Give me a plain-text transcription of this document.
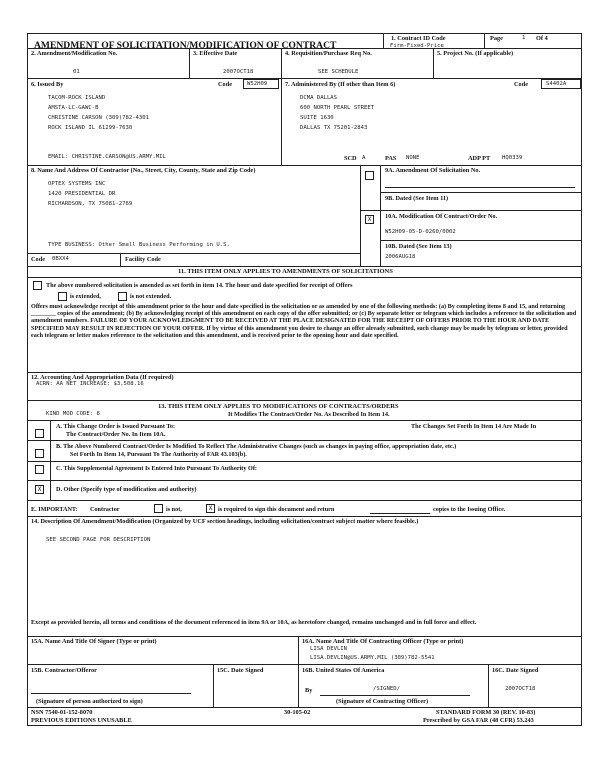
AMENDMENT OF SOLICITATION/MODIFICATION OF CONTRACT
1. Contract ID Code
Firm-Fixed-Price
Page	1 Of 4
2. Amendment/Modification No.
01
3. Effective Date
2007OCT18
4. Requisition/Purchase Req No.
SEE SCHEDULE
5. Project No. (If applicable)
6. Issued By	Code	W52H09
TACOM-ROCK ISLAND
AMSTA-LC-GAWC-B
CHRISTINE CARSON (309)782-4301
ROCK ISLAND IL 61299-7630
EMAIL: CHRISTINE.CARSON@US.ARMY.MIL
7. Administered By (If other than Item 6)	Code	S4402A
DCMA DALLAS
600 NORTH PEARL STREET
SUITE 1630
DALLAS TX 75201-2843
SCD A	PAS NONE	ADP PT HQ0339
8. Name And Address Of Contractor (No., Street, City, County, State and Zip Code)
OPTEX SYSTEMS INC
1420 PRESIDENTIAL DR
RICHARDSON, TX 75081-2769
TYPE BUSINESS: Other Small Business Performing in U.S.
Code 0BXX4	Facility Code
9A. Amendment Of Solicitation No.
9B. Dated (See Item 11)
X	10A. Modification Of Contract/Order No.
W52H09-05-D-0260/0002
10B. Dated (See Item 13)
2006AUG18
11. THIS ITEM ONLY APPLIES TO AMENDMENTS OF SOLICITATIONS
The above numbered solicitation is amended as set forth in item 14. The hour and date specified for receipt of Offers
is extended,	is not extended.
Offers must acknowledge receipt of this amendment prior to the hour and date specified in the solicitation or as amended by one of the following methods: (a) By completing items 8 and 15, and returning ________ copies of the amendment; (b) By acknowledging receipt of this amendment on each copy of the offer submitted; or (c) By separate letter or telegram which includes a reference to the solicitation and amendment numbers. FAILURE OF YOUR ACKNOWLEDGMENT TO BE RECEIVED AT THE PLACE DESIGNATED FOR THE RECEIPT OF OFFERS PRIOR TO THE HOUR AND DATE SPECIFIED MAY RESULT IN REJECTION OF YOUR OFFER. If by virtue of this amendment you desire to change an offer already submitted, such change may be made by telegram or letter, provided each telegram or letter makes reference to the solicitation and this amendment, and is received prior to the opening hour and date specified.
12. Accounting And Appropriation Data (If required)
ACRN: AA NET INCREASE: $3,508.16
13. THIS ITEM ONLY APPLIES TO MODIFICATIONS OF CONTRACTS/ORDERS
KIND MOD CODE: 8	It Modifies The Contract/Order No. As Described In Item 14.
A. This Change Order is Issued Pursuant To:	The Changes Set Forth In Item 14 Are Made In
The Contract/Order No. In Item 10A.
B. The Above Numbered Contract/Order Is Modified To Reflect The Administrative Changes (such as changes in paying office, appropriation date, etc.)
Set Forth In Item 14, Pursuant To The Authority of FAR 43.103(b).
C. This Supplemental Agreement Is Entered Into Pursuant To Authority Of:
X	D. Other (Specify type of modification and authority)
E. IMPORTANT: Contractor	is not,	X is required to sign this document and return	copies to the Issuing Office.
14. Description Of Amendment/Modification (Organized by UCF section headings, including solicitation/contract subject matter where feasible.)
SEE SECOND PAGE FOR DESCRIPTION
Except as provided herein, all terms and conditions of the document referenced in item 9A or 10A, as heretofore changed, remains unchanged and in full force and effect.
15A. Name And Title Of Signer (Type or print)	16A. Name And Title Of Contracting Officer (Type or print)
LISA DEVLIN
LISA.DEVLIN@US.ARMY.MIL (309)782-5541
15B. Contractor/Offeror
(Signature of person authorized to sign)
15C. Date Signed	16B. United States Of America
By	/SIGNED/
(Signature of Contracting Officer)
16C. Date Signed
2007OCT18
NSN 7540-01-152-8070
PREVIOUS EDITIONS UNUSABLE
30-105-02	STANDARD FORM 30 (REV. 10-83)
Prescribed by GSA FAR (48 CFR) 53.243
